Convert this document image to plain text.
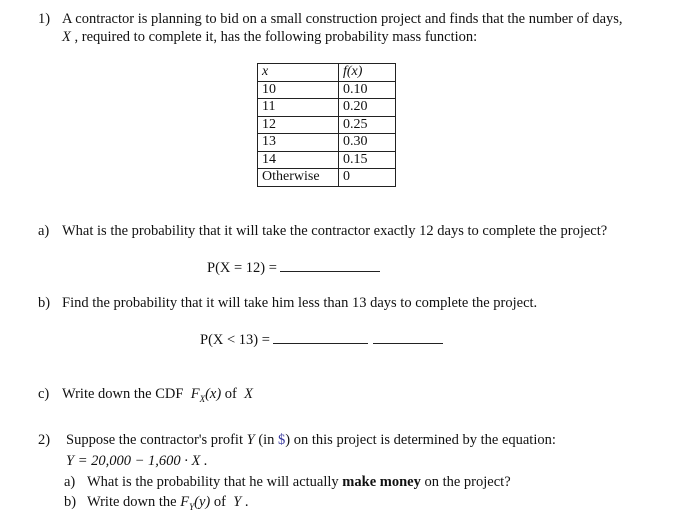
1) A contractor is planning to bid on a small construction project and finds that the number of days,
X , required to complete it, has the following probability mass function:
x	f(x)
10	0.10
11	0.20
12	0.25
13	0.30
14	0.15
Otherwise	0
a) What is the probability that it will take the contractor exactly 12 days to complete the project?
P(X = 12) =
b) Find the probability that it will take him less than 13 days to complete the project.
P(X < 13) =
c) Write down the CDF $F_X(x)$ of  X
2) Suppose the contractor's profit Y (in $) on this project is determined by the equation:
Y = 20,000 − 1,600 · X .
a) What is the probability that he will actually make money on the project?
b) Write down the $F_Y(y)$ of  Y .
